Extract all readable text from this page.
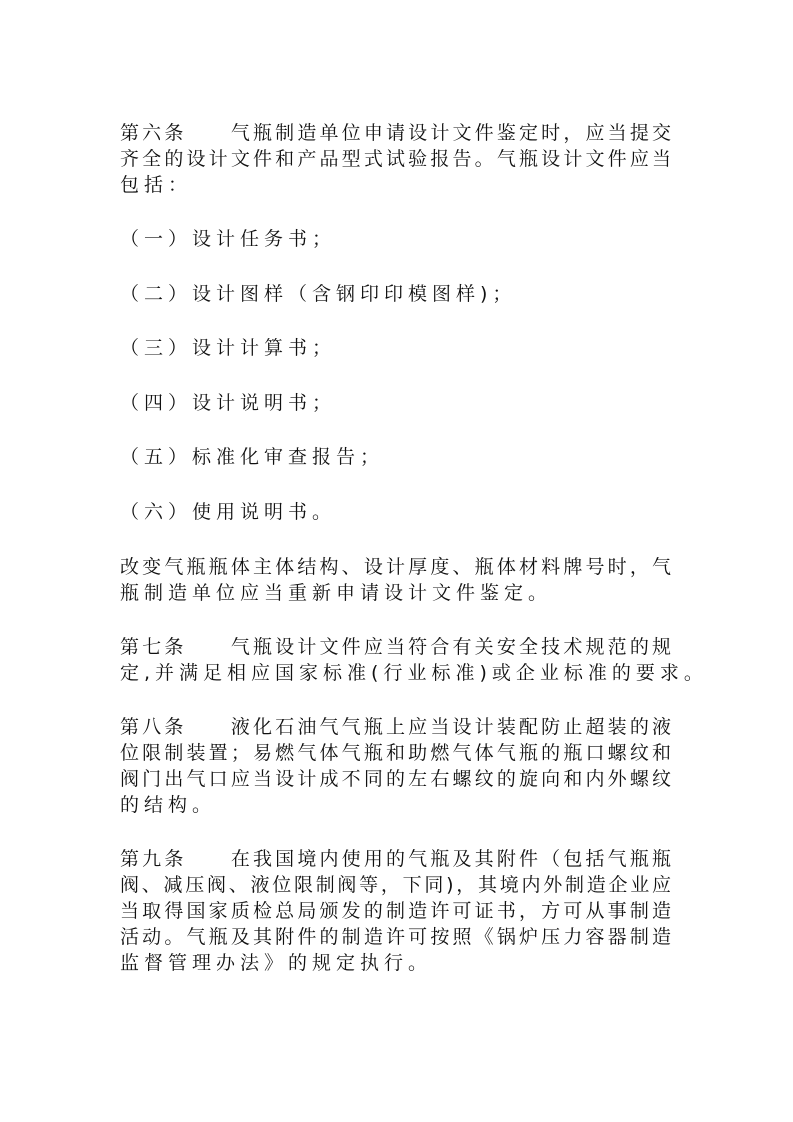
第六条　　气瓶制造单位申请设计文件鉴定时，应当提交
齐全的设计文件和产品型式试验报告。气瓶设计文件应当
包括：
（一）设计任务书；
（二）设计图样（含钢印印模图样)；
（三）设计计算书；
（四）设计说明书；
（五）标准化审查报告；
（六）使用说明书。
改变气瓶瓶体主体结构、设计厚度、瓶体材料牌号时，气
瓶制造单位应当重新申请设计文件鉴定。
第七条　　气瓶设计文件应当符合有关安全技术规范的规
定,并满足相应国家标准(行业标准)或企业标准的要求。
第八条　　液化石油气气瓶上应当设计装配防止超装的液
位限制装置；易燃气体气瓶和助燃气体气瓶的瓶口螺纹和
阀门出气口应当设计成不同的左右螺纹的旋向和内外螺纹
的结构。
第九条　　在我国境内使用的气瓶及其附件（包括气瓶瓶
阀、减压阀、液位限制阀等，下同)，其境内外制造企业应
当取得国家质检总局颁发的制造许可证书，方可从事制造
活动。气瓶及其附件的制造许可按照《锅炉压力容器制造
监督管理办法》的规定执行。
